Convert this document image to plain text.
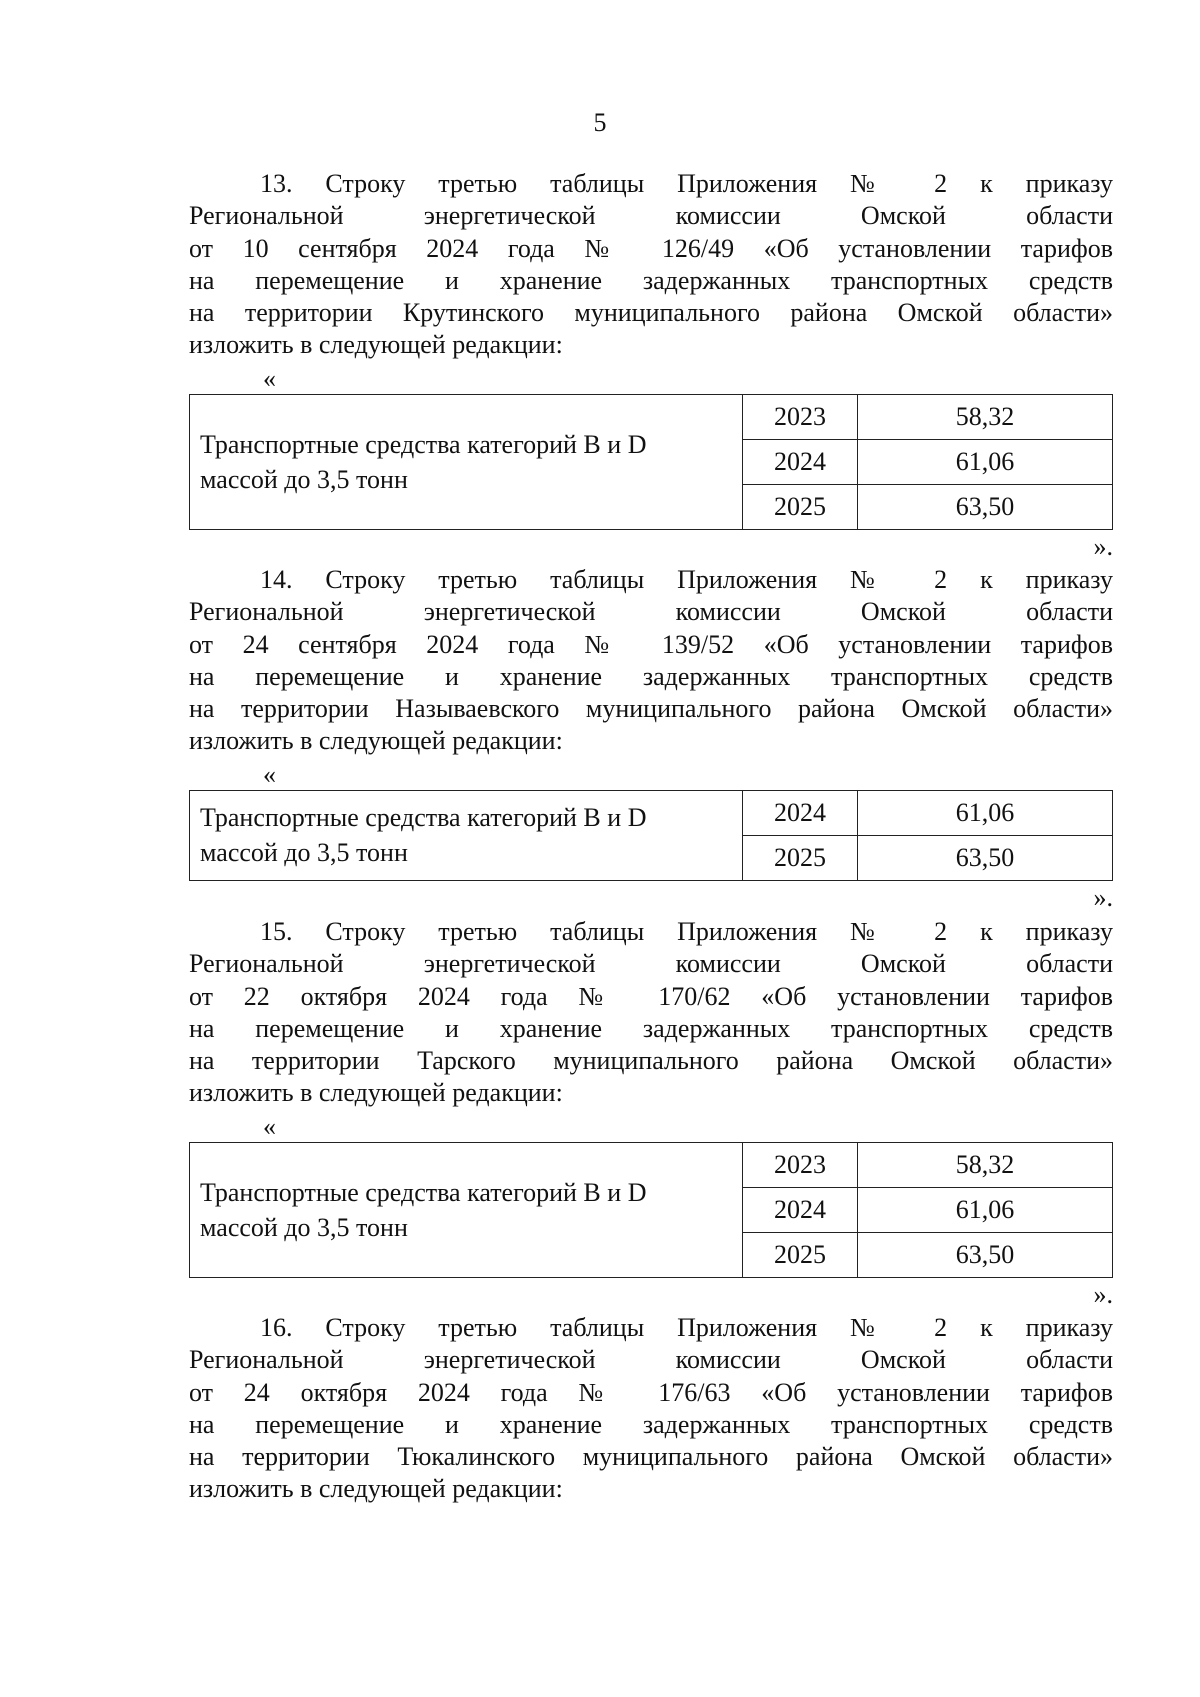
5
13. Строку третью таблицы Приложения № 2 к приказу
Региональной энергетической комиссии Омской области
от 10 сентября 2024 года № 126/49 «Об установлении тарифов
на перемещение и хранение задержанных транспортных средств
на территории Крутинского муниципального района Омской области»
изложить в следующей редакции:
«
Транспортные средства категорий B и D
массой до 3,5 тонн	2023	58,32
	2024	61,06
	2025	63,50
».
14. Строку третью таблицы Приложения № 2 к приказу
Региональной энергетической комиссии Омской области
от 24 сентября 2024 года № 139/52 «Об установлении тарифов
на перемещение и хранение задержанных транспортных средств
на территории Называевского муниципального района Омской области»
изложить в следующей редакции:
«
Транспортные средства категорий B и D
массой до 3,5 тонн	2024	61,06
	2025	63,50
».
15. Строку третью таблицы Приложения № 2 к приказу
Региональной энергетической комиссии Омской области
от 22 октября 2024 года № 170/62 «Об установлении тарифов
на перемещение и хранение задержанных транспортных средств
на территории Тарского муниципального района Омской области»
изложить в следующей редакции:
«
Транспортные средства категорий B и D
массой до 3,5 тонн	2023	58,32
	2024	61,06
	2025	63,50
».
16. Строку третью таблицы Приложения № 2 к приказу
Региональной энергетической комиссии Омской области
от 24 октября 2024 года № 176/63 «Об установлении тарифов
на перемещение и хранение задержанных транспортных средств
на территории Тюкалинского муниципального района Омской области»
изложить в следующей редакции:
